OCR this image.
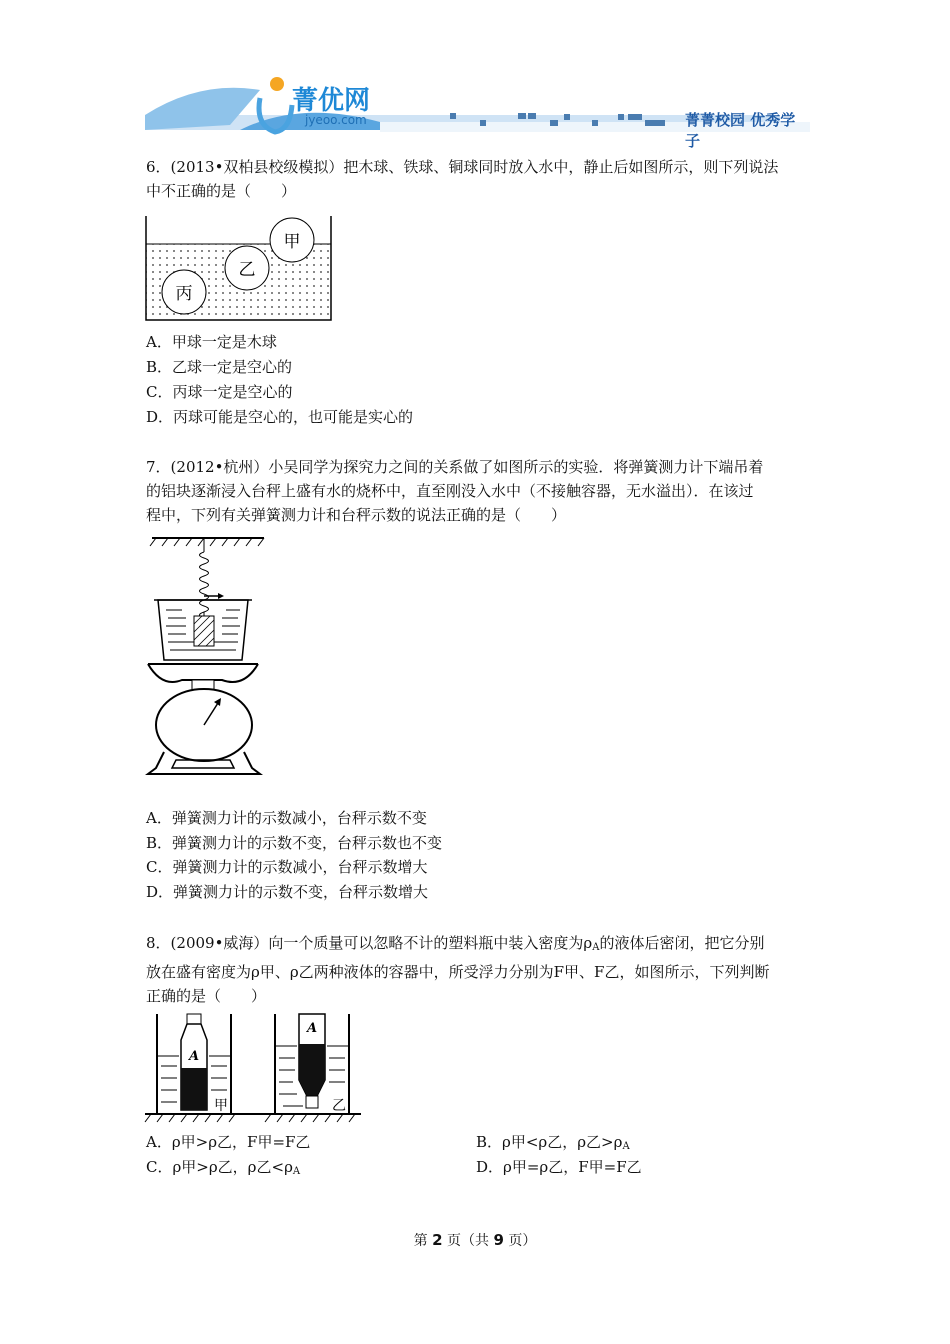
菁优网
jyeoo.com	菁菁校园 优秀学子
6．(2013•双柏县校级模拟）把木球、铁球、铜球同时放入水中，静止后如图所示，则下列说法
中不正确的是（　　）
甲
乙
丙
A．甲球一定是木球
B．乙球一定是空心的
C．丙球一定是空心的
D．丙球可能是空心的，也可能是实心的
7．(2012•杭州）小吴同学为探究力之间的关系做了如图所示的实验．将弹簧测力计下端吊着
的铝块逐渐浸入台秤上盛有水的烧杯中，直至刚没入水中（不接触容器，无水溢出）．在该过
程中，下列有关弹簧测力计和台秤示数的说法正确的是（　　）
A．弹簧测力计的示数减小，台秤示数不变
B．弹簧测力计的示数不变，台秤示数也不变
C．弹簧测力计的示数减小，台秤示数增大
D．弹簧测力计的示数不变，台秤示数增大
8．(2009•威海）向一个质量可以忽略不计的塑料瓶中装入密度为$\rho_A$的液体后密闭，把它分别
放在盛有密度为ρ甲、ρ乙两种液体的容器中，所受浮力分别为F甲、F乙，如图所示，下列判断
正确的是（　　）
A
甲
A
乙
A．ρ甲>ρ乙，F甲=F乙	B．ρ甲<ρ乙，ρ乙$>\rho_A$
C．ρ甲>ρ乙，ρ乙$<\rho_A$	D．ρ甲=ρ乙，F甲=F乙
第 2 页（共 9 页）
